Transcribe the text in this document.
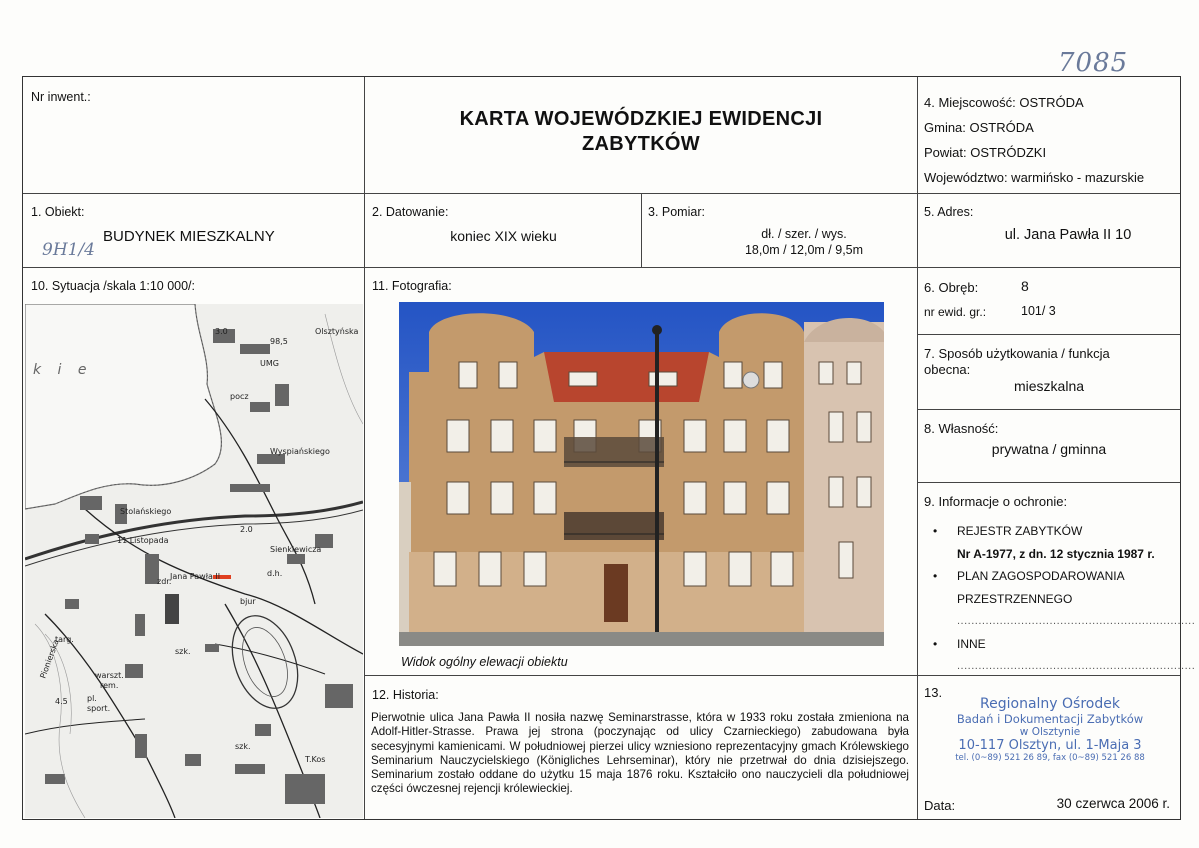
7085
Nr inwent.:
KARTA WOJEWÓDZKIEJ EWIDENCJI
ZABYTKÓW
4. Miejscowość: OSTRÓDA
Gmina: OSTRÓDA
Powiat: OSTRÓDZKI
Województwo: warmińsko - mazurskie
1. Obiekt:
BUDYNEK MIESZKALNY
2. Datowanie:
koniec XIX wieku
3. Pomiar:
dł. / szer. / wys.
18,0m / 12,0m / 9,5m
5. Adres:
ul. Jana Pawła II 10
10. Sytuacja /skala 1:10 000/:	11. Fotografia:
Widok ogólny elewacji obiektu
12. Historia:
6. Obręb:	8
nr ewid. gr.:	101/ 3
7. Sposób użytkowania / funkcja
obecna:
mieszkalna
8. Własność:
prywatna / gminna
9. Informacje o ochronie:
13.
Data:	30 czerwca 2006 r.
k i e	UMG
pocz
Stolańskiego
11 Listopada
Jana Pawła II
Sienkiewicza
Wyspiańskiego
d.h.
targ.
warszt.
rem.
pl.
sport.
szk.
zdr.
szk.
T.Kos
bjur
98,5
3.0
2.0
4.5
Olsztyńska
Pionierska
• REJESTR ZABYTKÓW
Nr A-1977, z dn. 12 stycznia 1987 r.
• PLAN ZAGOSPODAROWANIA
PRZESTRZENNEGO
...................................................................
• INNE
...................................................................
Pierwotnie ulica Jana Pawła II nosiła nazwę Seminarstrasse, która w 1933 roku została zmieniona na Adolf-Hitler-Strasse. Prawa jej strona (poczynając od ulicy Czarnieckiego) zabudowana była secesyjnymi kamienicami. W południowej pierzei ulicy wzniesiono reprezentacyjny gmach Królewskiego Seminarium Nauczycielskiego (Königliches Lehrseminar), który nie przetrwał do dnia dzisiejszego. Seminarium zostało oddane do użytku 15 maja 1876 roku. Kształciło ono nauczycieli dla południowej części ówczesnej rejencji królewieckiej.
Regionalny Ośrodek
Badań i Dokumentacji Zabytków
w Olsztynie
10-117 Olsztyn, ul. 1-Maja 3
tel. (0~89) 521 26 89, fax (0~89) 521 26 88
9H1/4
